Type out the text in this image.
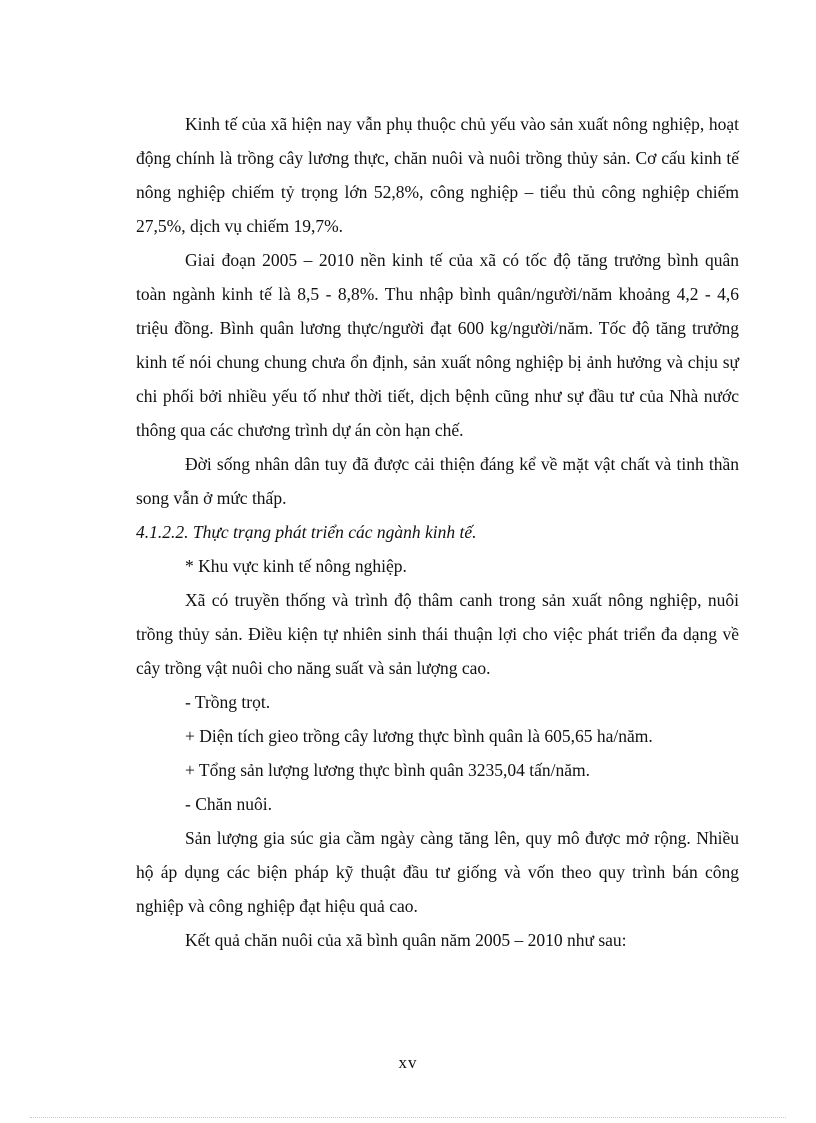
Kinh tế của xã hiện nay vẫn phụ thuộc chủ yếu vào sản xuất nông nghiệp, hoạt động chính là trồng cây lương thực, chăn nuôi và nuôi trồng thủy sản. Cơ cấu kinh tế nông nghiệp chiếm tỷ trọng lớn 52,8%, công nghiệp – tiểu thủ công nghiệp chiếm 27,5%, dịch vụ chiếm 19,7%.

Giai đoạn 2005 – 2010 nền kinh tế của xã có tốc độ tăng trưởng bình quân toàn ngành kinh tế là 8,5 - 8,8%. Thu nhập bình quân/người/năm khoảng 4,2 - 4,6 triệu đồng. Bình quân lương thực/người đạt 600 kg/người/năm. Tốc độ tăng trưởng kinh tế nói chung chung chưa ổn định, sản xuất nông nghiệp bị ảnh hưởng và chịu sự chi phối bởi nhiều yếu tố như thời tiết, dịch bệnh cũng như sự đầu tư của Nhà nước thông qua các chương trình dự án còn hạn chế.

Đời sống nhân dân tuy đã được cải thiện đáng kể về mặt vật chất và tinh thần song vẫn ở mức thấp.

4.1.2.2. Thực trạng phát triển các ngành kinh tế.

* Khu vực kinh tế nông nghiệp.

Xã có truyền thống và trình độ thâm canh trong sản xuất nông nghiệp, nuôi trồng thủy sản. Điều kiện tự nhiên sinh thái thuận lợi cho việc phát triển đa dạng về cây trồng vật nuôi cho năng suất và sản lượng cao.

- Trồng trọt.

+ Diện tích gieo trồng cây lương thực bình quân là 605,65 ha/năm.

+ Tổng sản lượng lương thực bình quân 3235,04 tấn/năm.

- Chăn nuôi.

Sản lượng gia súc gia cầm ngày càng tăng lên, quy mô được mở rộng. Nhiều hộ áp dụng các biện pháp kỹ thuật đầu tư giống và vốn theo quy trình bán công nghiệp và công nghiệp đạt hiệu quả cao.

Kết quả chăn nuôi của xã bình quân năm 2005 – 2010 như sau:

xv
